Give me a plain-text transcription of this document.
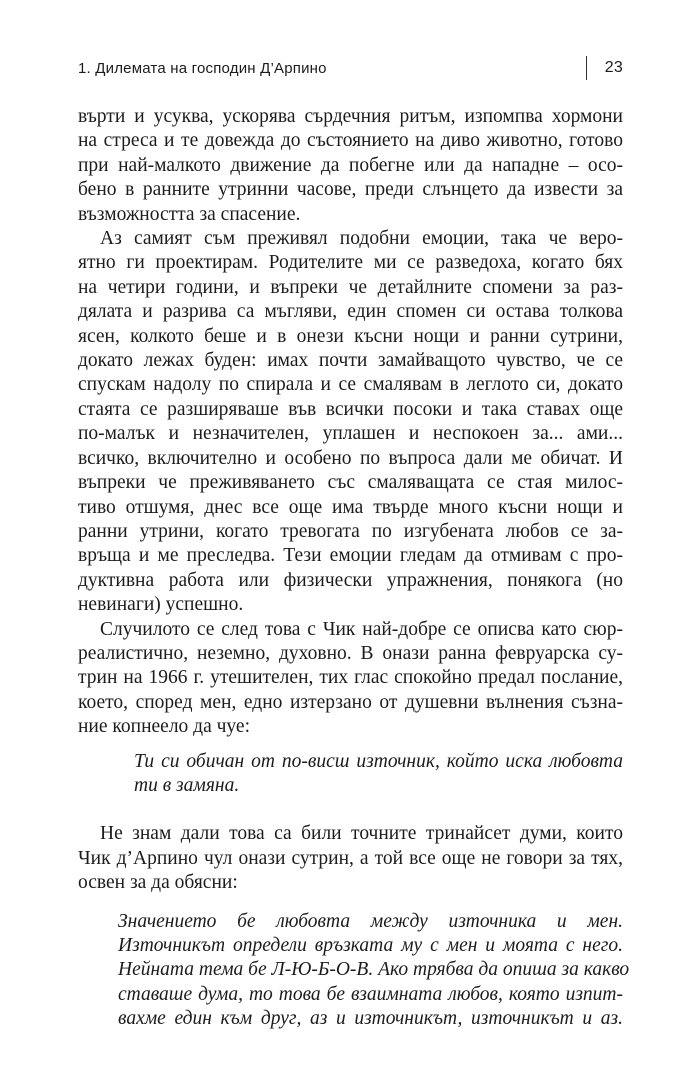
1. Дилемата на господин Д’Арпино	23

върти и усуква, ускорява сърдечния ритъм, изпомпва хормони
на стреса и те довежда до състоянието на диво животно, готово
при най-малкото движение да побегне или да нападне – осо-
бено в ранните утринни часове, преди слънцето да извести за
възможността за спасение.

Аз самият съм преживял подобни емоции, така че веро-
ятно ги проектирам. Родителите ми се разведоха, когато бях
на четири години, и въпреки че детайлните спомени за раз-
дялата и разрива са мъгляви, един спомен си остава толкова
ясен, колкото беше и в онези късни нощи и ранни сутрини,
докато лежах буден: имах почти замайващото чувство, че се
спускам надолу по спирала и се смалявам в леглото си, докато
стаята се разширяваше във всички посоки и така ставах още
по-малък и незначителен, уплашен и неспокоен за... ами...
всичко, включително и особено по въпроса дали ме обичат. И
въпреки че преживяването със смаляващата се стая милос-
тиво отшумя, днес все още има твърде много късни нощи и
ранни утрини, когато тревогата по изгубената любов се за-
връща и ме преследва. Тези емоции гледам да отмивам с про-
дуктивна работа или физически упражнения, понякога (но
невинаги) успешно.

Случилото се след това с Чик най-добре се описва като сюр-
реалистично, неземно, духовно. В онази ранна февруарска су-
трин на 1966 г. утешителен, тих глас спокойно предал послание,
което, според мен, едно изтерзано от душевни вълнения съзна-
ние копнеело да чуе:

Ти си обичан от по-висш източник, който иска любовта
ти в замяна.

Не знам дали това са били точните тринайсет думи, които
Чик д’Арпино чул онази сутрин, а той все още не говори за тях,
освен за да обясни:

Значението бе любовта между източника и мен.
Източникът определи връзката му с мен и моята с него.
Нейната тема бе Л-Ю-Б-О-В. Ако трябва да опиша за какво
ставаше дума, то това бе взаимната любов, която изпит-
вахме един към друг, аз и източникът, източникът и аз.
